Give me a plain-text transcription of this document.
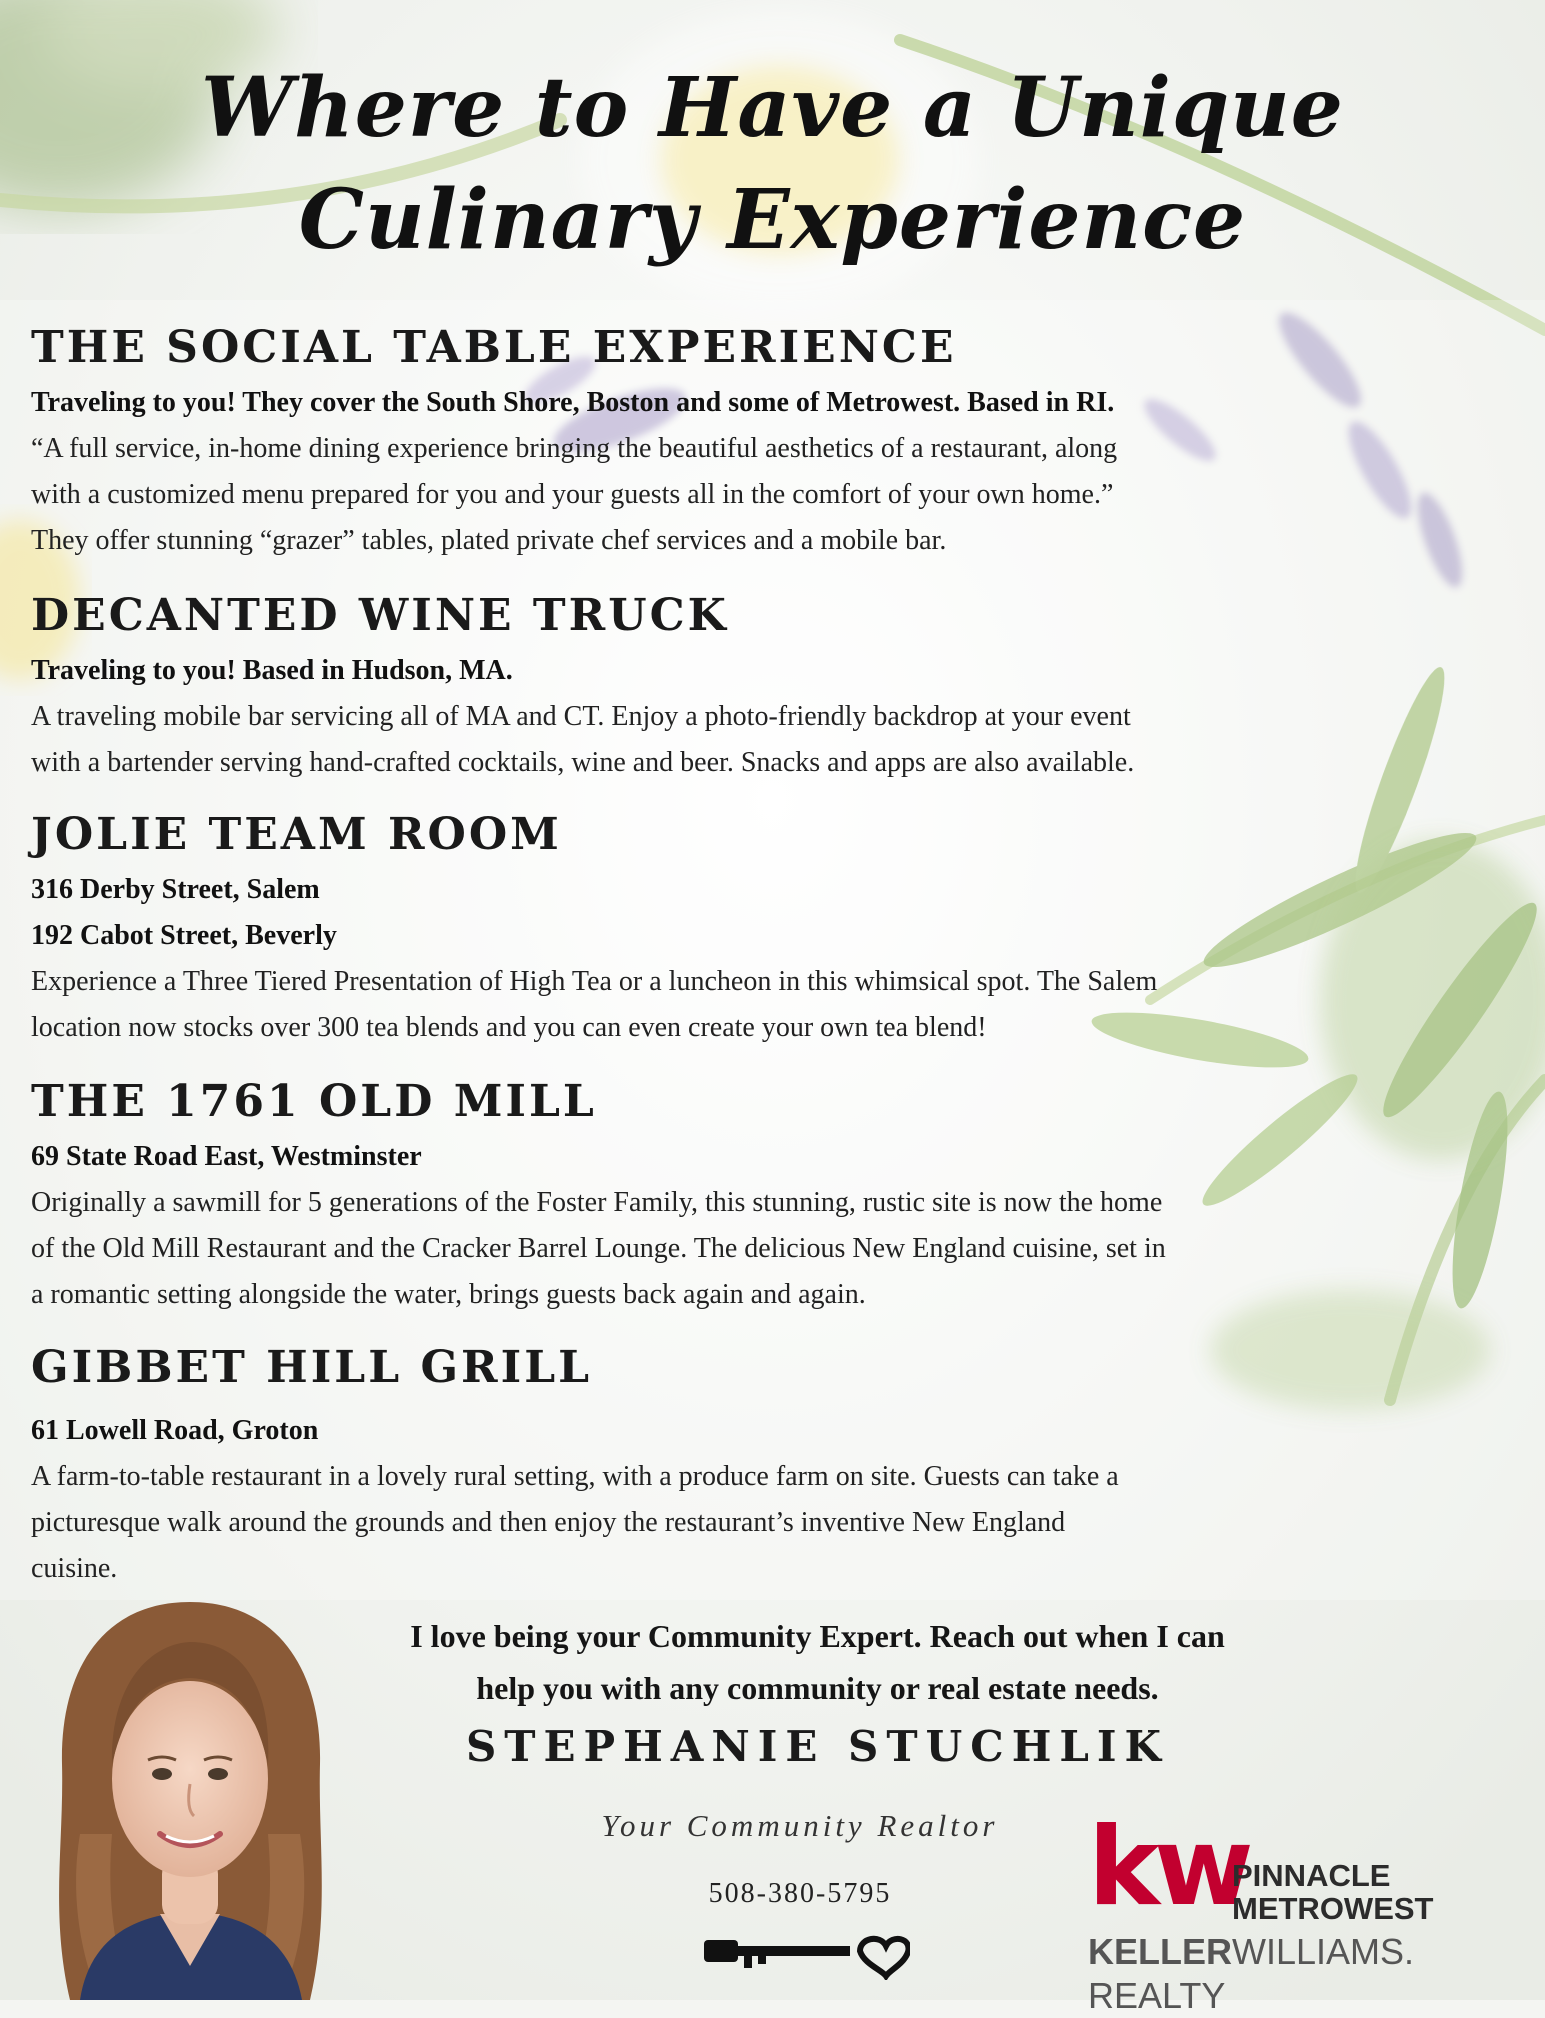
Where to Have a Unique
Culinary Experience
THE SOCIAL TABLE EXPERIENCE

Traveling to you! They cover the South Shore, Boston and some of Metrowest. Based in RI.

“A full service, in-home dining experience bringing the beautiful aesthetics of a restaurant, along

with a customized menu prepared for you and your guests all in the comfort of your own home.”

They offer stunning “grazer” tables, plated private chef services and a mobile bar.

DECANTED WINE TRUCK

Traveling to you! Based in Hudson, MA.

A traveling mobile bar servicing all of MA and CT. Enjoy a photo-friendly backdrop at your event

with a bartender serving hand-crafted cocktails, wine and beer. Snacks and apps are also available.

JOLIE TEAM ROOM

316 Derby Street, Salem

192 Cabot Street, Beverly

Experience a Three Tiered Presentation of High Tea or a luncheon in this whimsical spot. The Salem

location now stocks over 300 tea blends and you can even create your own tea blend!

THE 1761 OLD MILL

69 State Road East, Westminster

Originally a sawmill for 5 generations of the Foster Family, this stunning, rustic site is now the home

of the Old Mill Restaurant and the Cracker Barrel Lounge. The delicious New England cuisine, set in

a romantic setting alongside the water, brings guests back again and again.

GIBBET HILL GRILL

61 Lowell Road, Groton

A farm-to-table restaurant in a lovely rural setting, with a produce farm on site. Guests can take a

picturesque walk around the grounds and then enjoy the restaurant’s inventive New England

cuisine.

I love being your Community Expert. Reach out when I can

help you with any community or real estate needs.

STEPHANIE STUCHLIK

Your Community Realtor

508-380-5795	kw

PINNACLE

METROWEST

KELLERWILLIAMS. REALTY
